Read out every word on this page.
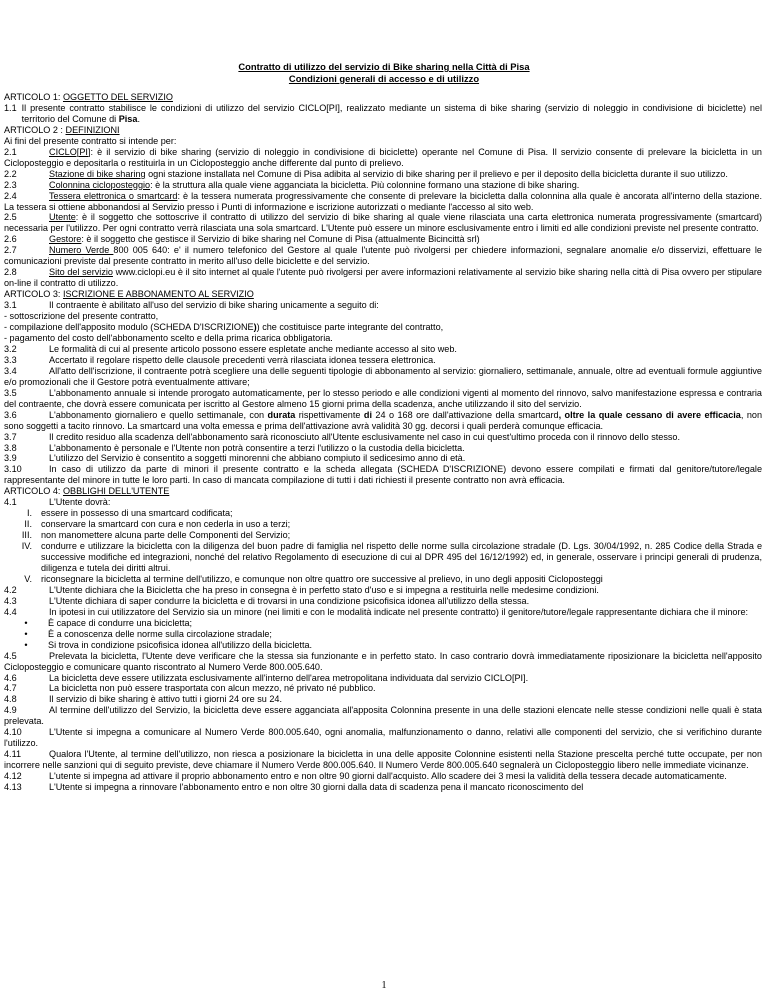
Contratto di utilizzo del servizio di Bike sharing nella Città di Pisa
Condizioni generali di accesso e di utilizzo

ARTICOLO 1: OGGETTO DEL SERVIZIO

1.1 Il presente contratto stabilisce le condizioni di utilizzo del servizio CICLO[PI], realizzato mediante un sistema di bike sharing (servizio di noleggio in condivisione di biciclette) nel territorio del Comune di Pisa.

ARTICOLO 2 : DEFINIZIONI

Ai fini del presente contratto si intende per:

2.1	CICLO[PI]: è il servizio di bike sharing (servizio di noleggio in condivisione di biciclette) operante nel Comune di Pisa. Il servizio consente di prelevare la bicicletta in un Cicloposteggio e depositarla o restituirla in un Cicloposteggio anche differente dal punto di prelievo.

2.2	Stazione di bike sharing ogni stazione installata nel Comune di Pisa adibita al servizio di bike sharing per il prelievo e per il deposito della bicicletta durante il suo utilizzo.

2.3	Colonnina cicloposteggio: è la struttura alla quale viene agganciata la bicicletta. Più colonnine formano una stazione di bike sharing.

2.4	Tessera elettronica o smartcard: è la tessera numerata progressivamente che consente di prelevare la bicicletta dalla colonnina alla quale è ancorata all'interno della stazione. La tessera si ottiene abbonandosi al Servizio presso i Punti di informazione e iscrizione autorizzati o mediante l'accesso al sito web.

2.5	Utente: è il soggetto che sottoscrive il contratto di utilizzo del servizio di bike sharing al quale viene rilasciata una carta elettronica numerata progressivamente (smartcard) necessaria per l'utilizzo. Per ogni contratto verrà rilasciata una sola smartcard. L'Utente può essere un minore esclusivamente entro i limiti ed alle condizioni previste nel presente contratto.

2.6	Gestore: è il soggetto che gestisce il Servizio di bike sharing nel Comune di Pisa (attualmente Bicincittà srl)

2.7	Numero Verde 800 005 640: e' il numero telefonico del Gestore al quale l'utente può rivolgersi per chiedere informazioni, segnalare anomalie e/o disservizi, effettuare le comunicazioni previste dal presente contratto in merito all'uso delle biciclette e del servizio.

2.8	Sito del servizio www.ciclopi.eu è il sito internet al quale l'utente può rivolgersi per avere informazioni relativamente al servizio bike sharing nella città di Pisa ovvero per stipulare on-line il contratto di utilizzo.

ARTICOLO 3: ISCRIZIONE E ABBONAMENTO AL SERVIZIO

3.1	Il contraente è abilitato all'uso del servizio di bike sharing unicamente a seguito di:

- sottoscrizione del presente contratto,

- compilazione dell'apposito modulo (SCHEDA D'ISCRIZIONE)) che costituisce parte integrante del contratto,

- pagamento del costo dell'abbonamento scelto e della prima ricarica obbligatoria.

3.2	Le formalità di cui al presente articolo possono essere espletate anche mediante accesso al sito web.

3.3	Accertato il regolare rispetto delle clausole precedenti verrà rilasciata idonea tessera elettronica.

3.4	All'atto dell'iscrizione, il contraente potrà scegliere una delle seguenti tipologie di abbonamento al servizio: giornaliero, settimanale, annuale, oltre ad eventuali formule aggiuntive e/o promozionali che il Gestore potrà eventualmente attivare;

3.5	L'abbonamento annuale si intende prorogato automaticamente, per lo stesso periodo e alle condizioni vigenti al momento del rinnovo, salvo manifestazione espressa e contraria del contraente, che dovrà essere comunicata per iscritto al Gestore almeno 15 giorni prima della scadenza, anche utilizzando il sito del servizio.

3.6	L'abbonamento giornaliero e quello settimanale, con durata rispettivamente di 24 o 168 ore dall'attivazione della smartcard, oltre la quale cessano di avere efficacia, non sono soggetti a tacito rinnovo. La smartcard una volta emessa e prima dell'attivazione avrà validità 30 gg. decorsi i quali perderà comunque efficacia.

3.7	Il credito residuo alla scadenza dell'abbonamento sarà riconosciuto all'Utente esclusivamente nel caso in cui quest'ultimo proceda con il rinnovo dello stesso.

3.8	L'abbonamento è personale e l'Utente non potrà consentire a terzi l'utilizzo o la custodia della bicicletta.

3.9	L'utilizzo del Servizio è consentito a soggetti minorenni che abbiano compiuto il sedicesimo anno di età.

3.10	In caso di utilizzo da parte di minori il presente contratto e la scheda allegata (SCHEDA D'ISCRIZIONE) devono essere compilati e firmati dal genitore/tutore/legale rappresentante del minore in tutte le loro parti. In caso di mancata compilazione di tutti i dati richiesti il presente contratto non avrà efficacia.

ARTICOLO 4: OBBLIGHI DELL'UTENTE

4.1	L'Utente dovrà:

I. essere in possesso di una smartcard codificata;
II. conservare la smartcard con cura e non cederla in uso a terzi;
III. non manomettere alcuna parte delle Componenti del Servizio;
IV. condurre e utilizzare la bicicletta con la diligenza del buon padre di famiglia nel rispetto delle norme sulla circolazione stradale (D. Lgs. 30/04/1992, n. 285 Codice della Strada e successive modifiche ed integrazioni, nonché del relativo Regolamento di esecuzione di cui al DPR 495 del 16/12/1992) ed, in generale, osservare i principi generali di prudenza, diligenza e tutela dei diritti altrui.
V. riconsegnare la bicicletta al termine dell'utilizzo, e comunque non oltre quattro ore successive al prelievo, in uno degli appositi Cicloposteggi

4.2	L'Utente dichiara che la Bicicletta che ha preso in consegna è in perfetto stato d'uso e si impegna a restituirla nelle medesime condizioni.

4.3	L'Utente dichiara di saper condurre la bicicletta e di trovarsi in una condizione psicofisica idonea all'utilizzo della stessa.

4.4	In ipotesi in cui utilizzatore del Servizio sia un minore (nei limiti e con le modalità indicate nel presente contratto) il genitore/tutore/legale rappresentante dichiara che il minore:

•	È capace di condurre una bicicletta;
•	È a conoscenza delle norme sulla circolazione stradale;
•	Si trova in condizione psicofisica idonea all'utilizzo della bicicletta.

4.5	Prelevata la bicicletta, l'Utente deve verificare che la stessa sia funzionante e in perfetto stato. In caso contrario dovrà immediatamente riposizionare la bicicletta nell'apposito Cicloposteggio e comunicare quanto riscontrato al Numero Verde 800.005.640.

4.6	La bicicletta deve essere utilizzata esclusivamente all'interno dell'area metropolitana individuata dal servizio CICLO[PI].

4.7	La bicicletta non può essere trasportata con alcun mezzo, né privato né pubblico.

4.8	Il servizio di bike sharing è attivo tutti i giorni 24 ore su 24.

4.9	Al termine dell'utilizzo del Servizio, la bicicletta deve essere agganciata all'apposita Colonnina presente in una delle stazioni elencate nelle stesse condizioni nelle quali è stata prelevata.

4.10	L'Utente si impegna a comunicare al Numero Verde 800.005.640, ogni anomalia, malfunzionamento o danno, relativi alle componenti del servizio, che si verifichino durante l'utilizzo.

4.11	Qualora l'Utente, al termine dell'utilizzo, non riesca a posizionare la bicicletta in una delle apposite Colonnine esistenti nella Stazione prescelta perché tutte occupate, per non incorrere nelle sanzioni qui di seguito previste, deve chiamare il Numero Verde 800.005.640. Il Numero Verde 800.005.640 segnalerà un Cicloposteggio libero nelle immediate vicinanze.

4.12	L'utente si impegna ad attivare il proprio abbonamento entro e non oltre 90 giorni dall'acquisto. Allo scadere dei 3 mesi la validità della tessera decade automaticamente.

4.13	L'Utente si impegna a rinnovare l'abbonamento entro e non oltre 30 giorni dalla data di scadenza pena il mancato riconoscimento del

1
